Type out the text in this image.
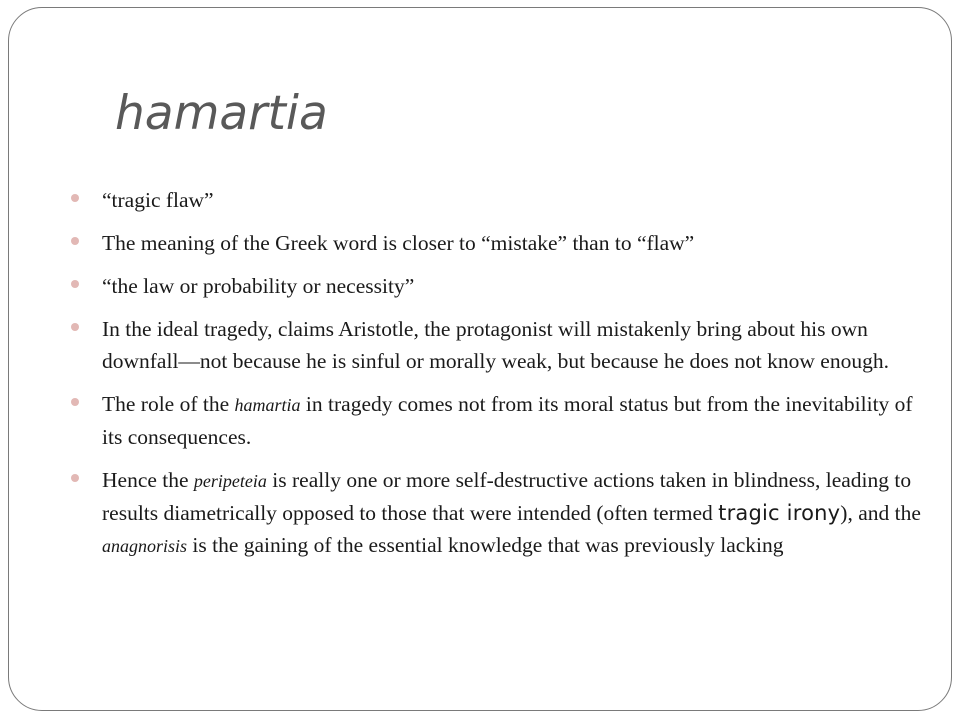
hamartia
“tragic flaw”
The meaning of the Greek word is closer to “mistake” than to “flaw”
“the law or probability or necessity”
In the ideal tragedy, claims Aristotle, the protagonist will mistakenly bring about his own downfall—not because he is sinful or morally weak, but because he does not know enough.
The role of the hamartia in tragedy comes not from its moral status but from the inevitability of its consequences.
Hence the peripeteia is really one or more self-destructive actions taken in blindness, leading to results diametrically opposed to those that were intended (often termed tragic irony), and the anagnorisis is the gaining of the essential knowledge that was previously lacking
